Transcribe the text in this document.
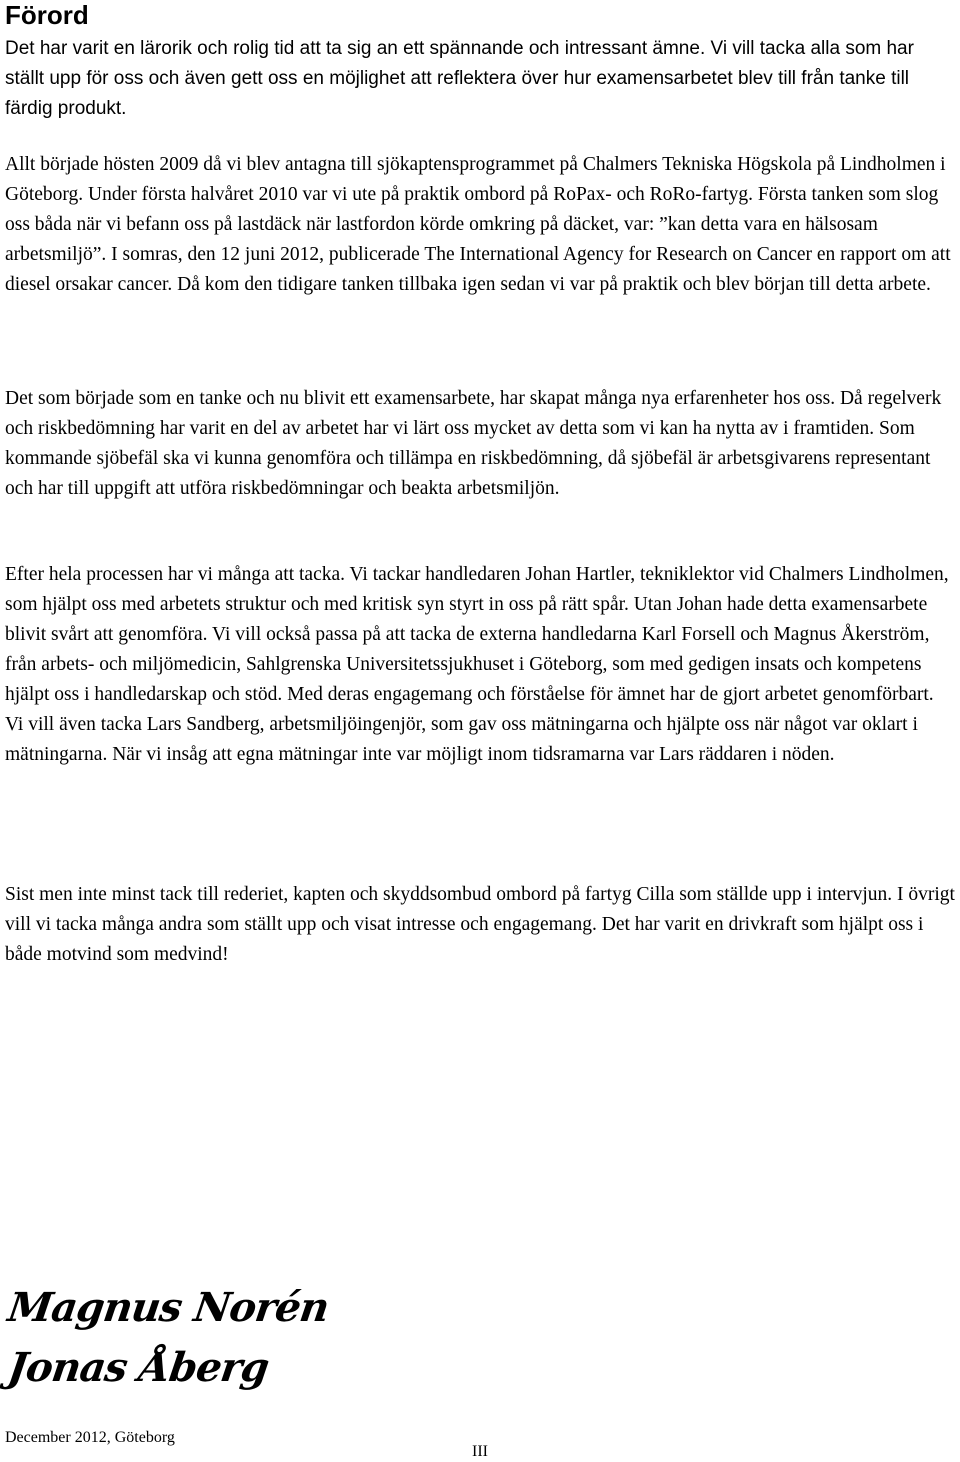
Förord

Det har varit en lärorik och rolig tid att ta sig an ett spännande och intressant ämne. Vi vill tacka alla som har ställt upp för oss och även gett oss en möjlighet att reflektera över hur examensarbetet blev till från tanke till färdig produkt.

Allt började hösten 2009 då vi blev antagna till sjökaptensprogrammet på Chalmers Tekniska Högskola på Lindholmen i Göteborg. Under första halvåret 2010 var vi ute på praktik ombord på RoPax- och RoRo-fartyg. Första tanken som slog oss båda när vi befann oss på lastdäck när lastfordon körde omkring på däcket, var: ”kan detta vara en hälsosam arbetsmiljö”. I somras, den 12 juni 2012, publicerade The International Agency for Research on Cancer en rapport om att diesel orsakar cancer. Då kom den tidigare tanken tillbaka igen sedan vi var på praktik och blev början till detta arbete.

Det som började som en tanke och nu blivit ett examensarbete, har skapat många nya erfarenheter hos oss. Då regelverk och riskbedömning har varit en del av arbetet har vi lärt oss mycket av detta som vi kan ha nytta av i framtiden. Som kommande sjöbefäl ska vi kunna genomföra och tillämpa en riskbedömning, då sjöbefäl är arbetsgivarens representant och har till uppgift att utföra riskbedömningar och beakta arbetsmiljön.

Efter hela processen har vi många att tacka. Vi tackar handledaren Johan Hartler, tekniklektor vid Chalmers Lindholmen, som hjälpt oss med arbetets struktur och med kritisk syn styrt in oss på rätt spår. Utan Johan hade detta examensarbete blivit svårt att genomföra. Vi vill också passa på att tacka de externa handledarna Karl Forsell och Magnus Åkerström, från arbets- och miljömedicin, Sahlgrenska Universitetssjukhuset i Göteborg, som med gedigen insats och kompetens hjälpt oss i handledarskap och stöd. Med deras engagemang och förståelse för ämnet har de gjort arbetet genomförbart. Vi vill även tacka Lars Sandberg, arbetsmiljöingenjör, som gav oss mätningarna och hjälpte oss när något var oklart i mätningarna. När vi insåg att egna mätningar inte var möjligt inom tidsramarna var Lars räddaren i nöden.

Sist men inte minst tack till rederiet, kapten och skyddsombud ombord på fartyg Cilla som ställde upp i intervjun. I övrigt vill vi tacka många andra som ställt upp och visat intresse och engagemang. Det har varit en drivkraft som hjälpt oss i både motvind som medvind!

Magnus Norén

Jonas Åberg

December 2012, Göteborg

III
